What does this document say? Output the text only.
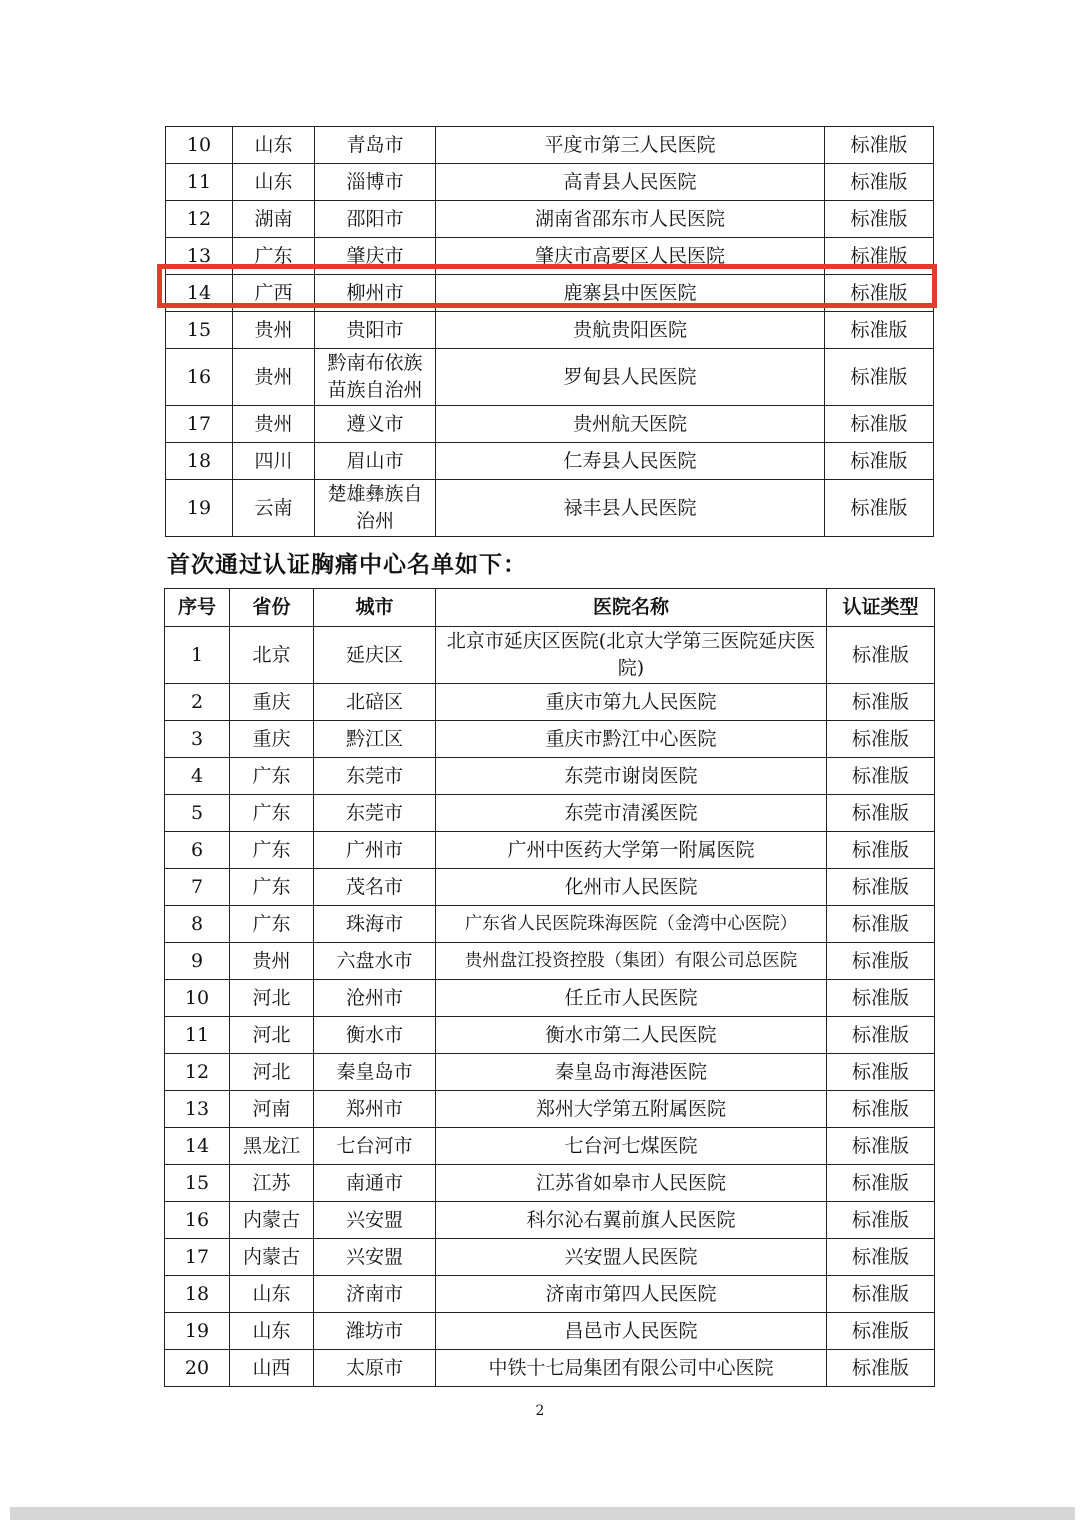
10	山东	青岛市	平度市第三人民医院	标准版
11	山东	淄博市	高青县人民医院	标准版
12	湖南	邵阳市	湖南省邵东市人民医院	标准版
13	广东	肇庆市	肇庆市高要区人民医院	标准版
14	广西	柳州市	鹿寨县中医医院	标准版
15	贵州	贵阳市	贵航贵阳医院	标准版
16	贵州	黔南布依族苗族自治州	罗甸县人民医院	标准版
17	贵州	遵义市	贵州航天医院	标准版
18	四川	眉山市	仁寿县人民医院	标准版
19	云南	楚雄彝族自治州	禄丰县人民医院	标准版
首次通过认证胸痛中心名单如下：
序号	省份	城市	医院名称	认证类型
1	北京	延庆区	北京市延庆区医院(北京大学第三医院延庆医院)	标准版
2	重庆	北碚区	重庆市第九人民医院	标准版
3	重庆	黔江区	重庆市黔江中心医院	标准版
4	广东	东莞市	东莞市谢岗医院	标准版
5	广东	东莞市	东莞市清溪医院	标准版
6	广东	广州市	广州中医药大学第一附属医院	标准版
7	广东	茂名市	化州市人民医院	标准版
8	广东	珠海市	广东省人民医院珠海医院（金湾中心医院）	标准版
9	贵州	六盘水市	贵州盘江投资控股（集团）有限公司总医院	标准版
10	河北	沧州市	任丘市人民医院	标准版
11	河北	衡水市	衡水市第二人民医院	标准版
12	河北	秦皇岛市	秦皇岛市海港医院	标准版
13	河南	郑州市	郑州大学第五附属医院	标准版
14	黑龙江	七台河市	七台河七煤医院	标准版
15	江苏	南通市	江苏省如皋市人民医院	标准版
16	内蒙古	兴安盟	科尔沁右翼前旗人民医院	标准版
17	内蒙古	兴安盟	兴安盟人民医院	标准版
18	山东	济南市	济南市第四人民医院	标准版
19	山东	潍坊市	昌邑市人民医院	标准版
20	山西	太原市	中铁十七局集团有限公司中心医院	标准版
2
